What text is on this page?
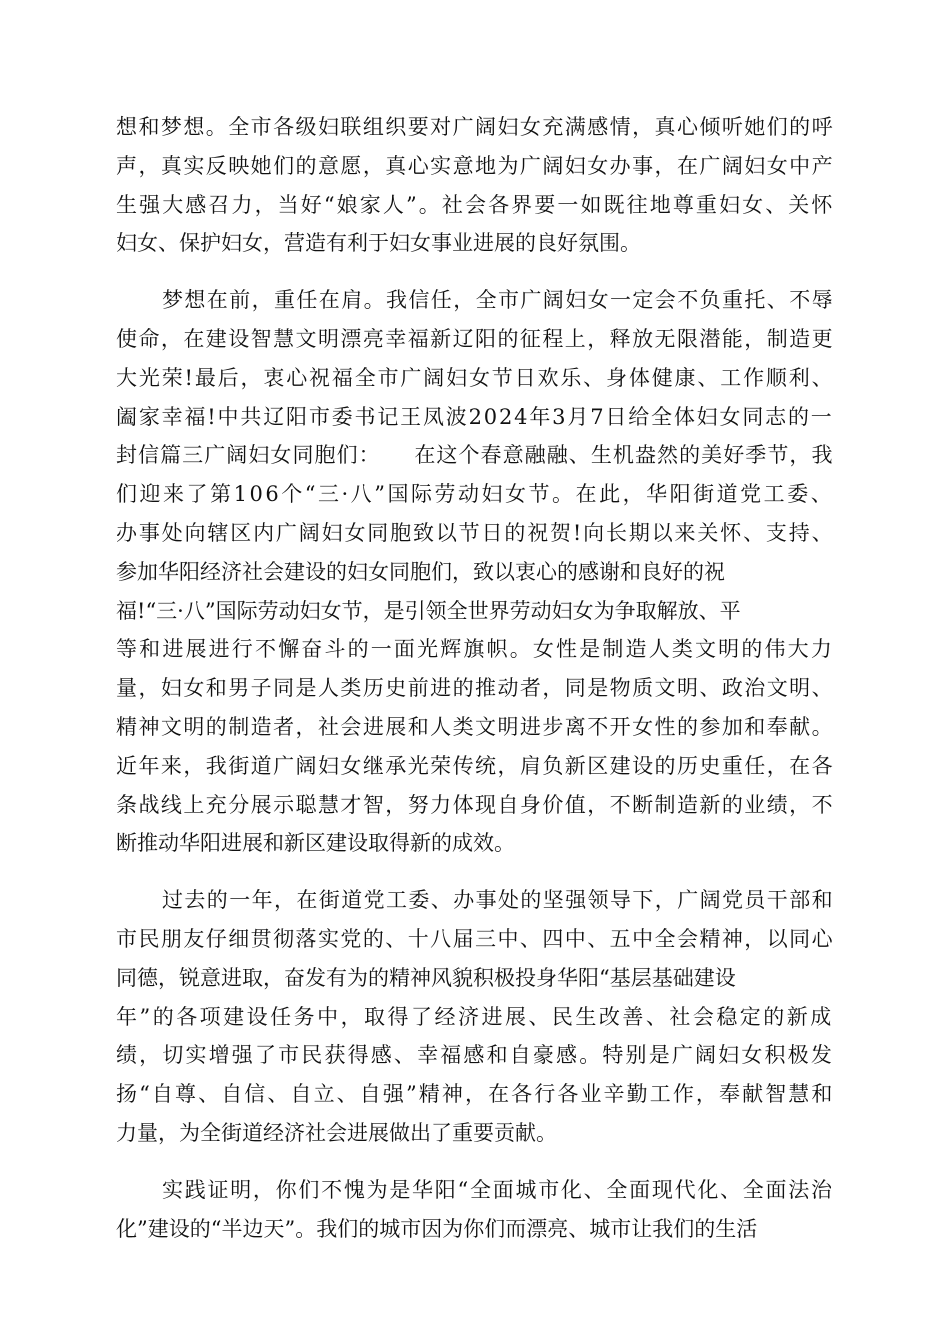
想和梦想。全市各级妇联组织要对广阔妇女充满感情，真心倾听她们的呼
声，真实反映她们的意愿，真心实意地为广阔妇女办事，在广阔妇女中产
生强大感召力，当好“娘家人”。社会各界要一如既往地尊重妇女、关怀
妇女、保护妇女，营造有利于妇女事业进展的良好氛围。

梦想在前，重任在肩。我信任，全市广阔妇女一定会不负重托、不辱
使命，在建设智慧文明漂亮幸福新辽阳的征程上，释放无限潜能，制造更
大光荣!最后，衷心祝福全市广阔妇女节日欢乐、身体健康、工作顺利、
阖家幸福!中共辽阳市委书记王凤波2024年3月7日给全体妇女同志的一
封信篇三广阔妇女同胞们：　　在这个春意融融、生机盎然的美好季节，我
们迎来了第106个“三·八”国际劳动妇女节。在此，华阳街道党工委、
办事处向辖区内广阔妇女同胞致以节日的祝贺!向长期以来关怀、支持、
参加华阳经济社会建设的妇女同胞们，致以衷心的感谢和良好的祝
福!“三·八”国际劳动妇女节，是引领全世界劳动妇女为争取解放、平
等和进展进行不懈奋斗的一面光辉旗帜。女性是制造人类文明的伟大力
量，妇女和男子同是人类历史前进的推动者，同是物质文明、政治文明、
精神文明的制造者，社会进展和人类文明进步离不开女性的参加和奉献。
近年来，我街道广阔妇女继承光荣传统，肩负新区建设的历史重任，在各
条战线上充分展示聪慧才智，努力体现自身价值，不断制造新的业绩，不
断推动华阳进展和新区建设取得新的成效。

过去的一年，在街道党工委、办事处的坚强领导下，广阔党员干部和
市民朋友仔细贯彻落实党的、十八届三中、四中、五中全会精神，以同心
同德，锐意进取，奋发有为的精神风貌积极投身华阳“基层基础建设
年”的各项建设任务中，取得了经济进展、民生改善、社会稳定的新成
绩，切实增强了市民获得感、幸福感和自豪感。特别是广阔妇女积极发
扬“自尊、自信、自立、自强”精神，在各行各业辛勤工作，奉献智慧和
力量，为全街道经济社会进展做出了重要贡献。

实践证明，你们不愧为是华阳“全面城市化、全面现代化、全面法治
化”建设的“半边天”。我们的城市因为你们而漂亮、城市让我们的生活
